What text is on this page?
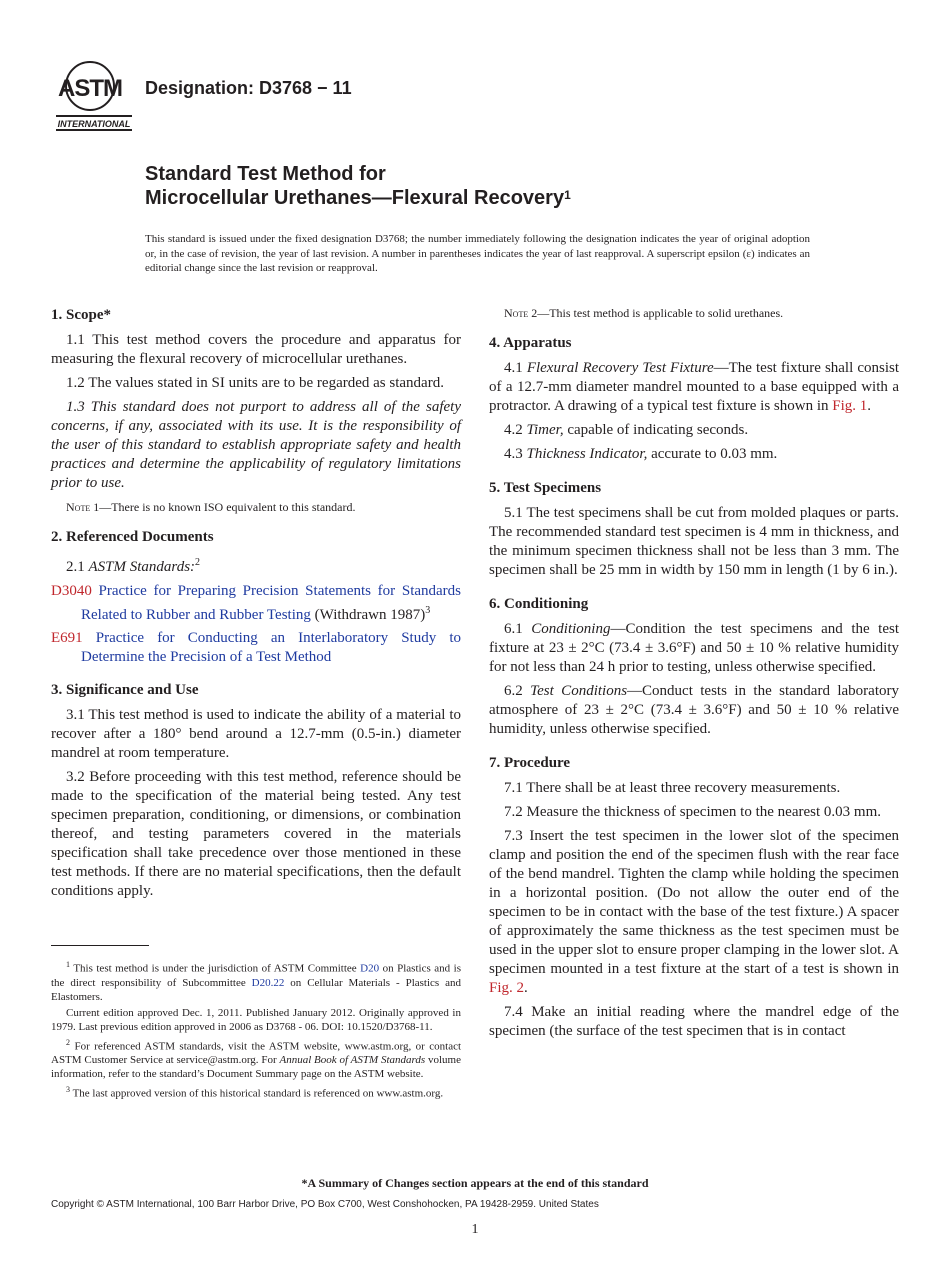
ASTM
INTERNATIONAL
Designation: D3768 − 11
Standard Test Method for
Microcellular Urethanes—Flexural Recovery$^1$
This standard is issued under the fixed designation D3768; the number immediately following the designation indicates the year of original adoption or, in the case of revision, the year of last revision. A number in parentheses indicates the year of last reapproval. A superscript epsilon (ε) indicates an editorial change since the last revision or reapproval.
1. Scope*

1.1 This test method covers the procedure and apparatus for measuring the flexural recovery of microcellular urethanes.

1.2 The values stated in SI units are to be regarded as standard.

1.3 This standard does not purport to address all of the safety concerns, if any, associated with its use. It is the responsibility of the user of this standard to establish appropriate safety and health practices and determine the applicability of regulatory limitations prior to use.

Note 1—There is no known ISO equivalent to this standard.

2. Referenced Documents

2.1 ASTM Standards:$^2$

D3040 Practice for Preparing Precision Statements for Standards Related to Rubber and Rubber Testing (Withdrawn 1987)$^3$

E691 Practice for Conducting an Interlaboratory Study to Determine the Precision of a Test Method

3. Significance and Use

3.1 This test method is used to indicate the ability of a material to recover after a 180° bend around a 12.7-mm (0.5-in.) diameter mandrel at room temperature.

3.2 Before proceeding with this test method, reference should be made to the specification of the material being tested. Any test specimen preparation, conditioning, or dimensions, or combination thereof, and testing parameters covered in the materials specification shall take precedence over those mentioned in these test methods. If there are no material specifications, then the default conditions apply.

$^1$ This test method is under the jurisdiction of ASTM Committee D20 on Plastics and is the direct responsibility of Subcommittee D20.22 on Cellular Materials - Plastics and Elastomers.

Current edition approved Dec. 1, 2011. Published January 2012. Originally approved in 1979. Last previous edition approved in 2006 as D3768 - 06. DOI: 10.1520/D3768-11.

$^2$ For referenced ASTM standards, visit the ASTM website, www.astm.org, or contact ASTM Customer Service at service@astm.org. For Annual Book of ASTM Standards volume information, refer to the standard’s Document Summary page on the ASTM website.

$^3$ The last approved version of this historical standard is referenced on www.astm.org.

Note 2—This test method is applicable to solid urethanes.

4. Apparatus

4.1 Flexural Recovery Test Fixture—The test fixture shall consist of a 12.7-mm diameter mandrel mounted to a base equipped with a protractor. A drawing of a typical test fixture is shown in Fig. 1.

4.2 Timer, capable of indicating seconds.

4.3 Thickness Indicator, accurate to 0.03 mm.

5. Test Specimens

5.1 The test specimens shall be cut from molded plaques or parts. The recommended standard test specimen is 4 mm in thickness, and the minimum specimen thickness shall not be less than 3 mm. The specimen shall be 25 mm in width by 150 mm in length (1 by 6 in.).

6. Conditioning

6.1 Conditioning—Condition the test specimens and the test fixture at 23 ± 2°C (73.4 ± 3.6°F) and 50 ± 10 % relative humidity for not less than 24 h prior to testing, unless otherwise specified.

6.2 Test Conditions—Conduct tests in the standard laboratory atmosphere of 23 ± 2°C (73.4 ± 3.6°F) and 50 ± 10 % relative humidity, unless otherwise specified.

7. Procedure

7.1 There shall be at least three recovery measurements.

7.2 Measure the thickness of specimen to the nearest 0.03 mm.

7.3 Insert the test specimen in the lower slot of the specimen clamp and position the end of the specimen flush with the rear face of the bend mandrel. Tighten the clamp while holding the specimen in a horizontal position. (Do not allow the outer end of the specimen to be in contact with the base of the test fixture.) A spacer of approximately the same thickness as the test specimen must be used in the upper slot to ensure proper clamping in the lower slot. A specimen mounted in a test fixture at the start of a test is shown in Fig. 2.

7.4 Make an initial reading where the mandrel edge of the specimen (the surface of the test specimen that is in contact

*A Summary of Changes section appears at the end of this standard
Copyright © ASTM International, 100 Barr Harbor Drive, PO Box C700, West Conshohocken, PA 19428-2959. United States
1
